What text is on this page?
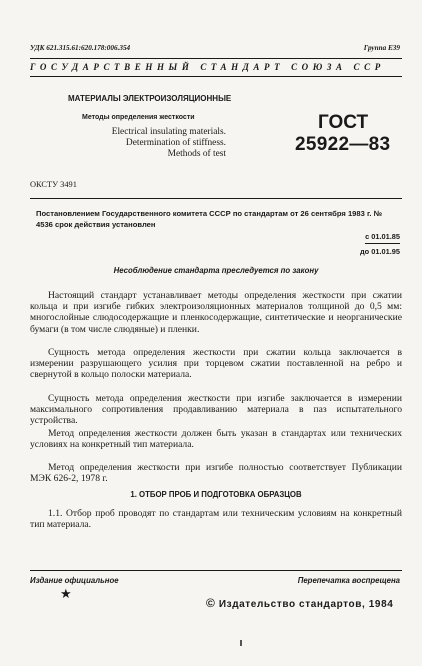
УДК 621.315.61:620.178:006.354	Группа Е39
ГОСУДАРСТВЕННЫЙ СТАНДАРТ СОЮЗА ССР
МАТЕРИАЛЫ ЭЛЕКТРОИЗОЛЯЦИОННЫЕ
Методы определения жесткости
Electrical insulating materials.
Determination of stiffness.
Methods of test
ГОСТ
25922—83
ОКСТУ 3491
Постановлением Государственного комитета СССР по стандартам от 26 сентября 1983 г. № 4536 срок действия установлен
с 01.01.85
до 01.01.95
Несоблюдение стандарта преследуется по закону
Настоящий стандарт устанавливает методы определения жесткости при сжатии кольца и при изгибе гибких электроизоляционных материалов толщиной до 0,5 мм: многослойные слюдосодержащие и пленкосодержащие, синтетические и неорганические бумаги (в том числе слюдяные) и пленки.
Сущность метода определения жесткости при сжатии кольца заключается в измерении разрушающего усилия при торцевом сжатии поставленной на ребро и свернутой в кольцо полоски материала.
Сущность метода определения жесткости при изгибе заключается в измерении максимального сопротивления продавливанию материала в паз испытательного устройства.
Метод определения жесткости должен быть указан в стандартах или технических условиях на конкретный тип материала.
Метод определения жесткости при изгибе полностью соответствует Публикации МЭК 626-2, 1978 г.
1. ОТБОР ПРОБ И ПОДГОТОВКА ОБРАЗЦОВ
1.1. Отбор проб проводят по стандартам или техническим условиям на конкретный тип материала.
Издание официальное	Перепечатка воспрещена
★
© Издательство стандартов, 1984
